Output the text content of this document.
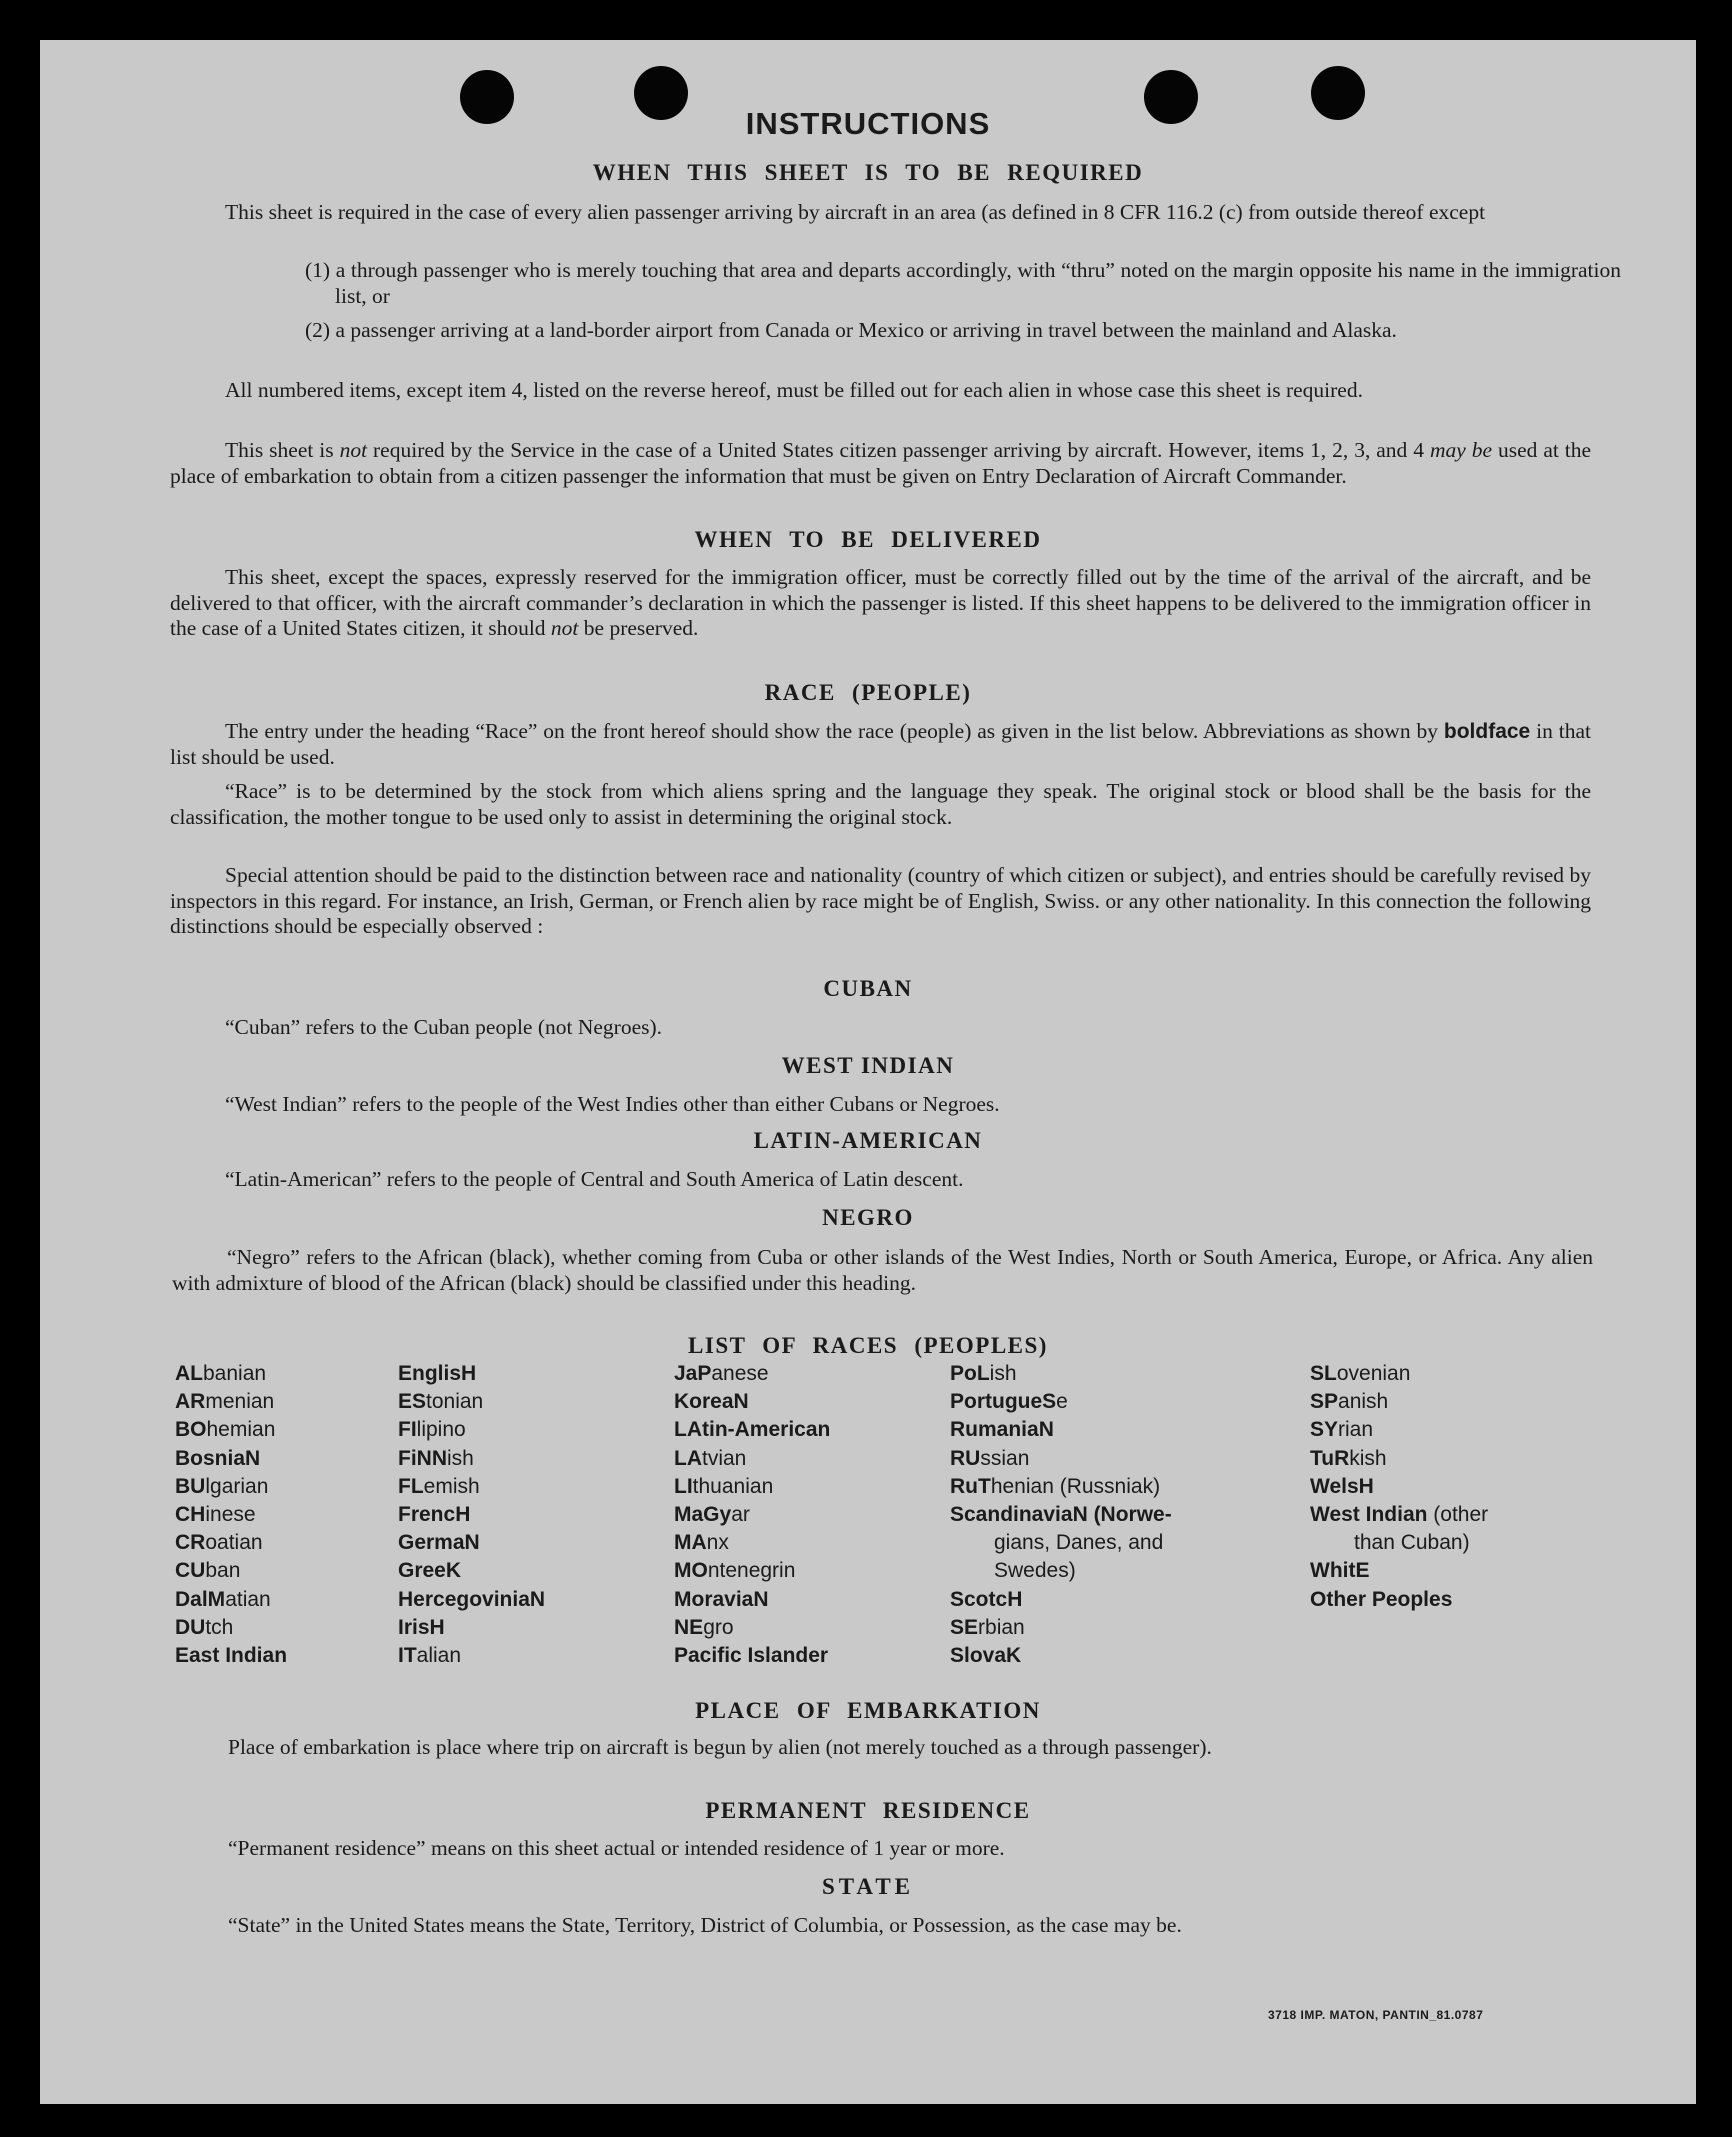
INSTRUCTIONS
WHEN THIS SHEET IS TO BE REQUIRED
This sheet is required in the case of every alien passenger arriving by aircraft in an area (as defined in 8 CFR 116.2 (c) from outside thereof except
(1) a through passenger who is merely touching that area and departs accordingly, with “thru” noted on the margin opposite his name in the immigration list, or
(2) a passenger arriving at a land-border airport from Canada or Mexico or arriving in travel between the mainland and Alaska.
All numbered items, except item 4, listed on the reverse hereof, must be filled out for each alien in whose case this sheet is required.
This sheet is not required by the Service in the case of a United States citizen passenger arriving by aircraft. However, items 1, 2, 3, and 4 may be used at the place of embarkation to obtain from a citizen passenger the information that must be given on Entry Declaration of Aircraft Commander.
WHEN TO BE DELIVERED
This sheet, except the spaces, expressly reserved for the immigration officer, must be correctly filled out by the time of the arrival of the aircraft, and be delivered to that officer, with the aircraft commander’s declaration in which the passenger is listed. If this sheet happens to be delivered to the immigration officer in the case of a United States citizen, it should not be preserved.
RACE (PEOPLE)
The entry under the heading “Race” on the front hereof should show the race (people) as given in the list below. Abbreviations as shown by boldface in that list should be used.
“Race” is to be determined by the stock from which aliens spring and the language they speak. The original stock or blood shall be the basis for the classification, the mother tongue to be used only to assist in determining the original stock.
Special attention should be paid to the distinction between race and nationality (country of which citizen or subject), and entries should be carefully revised by inspectors in this regard. For instance, an Irish, German, or French alien by race might be of English, Swiss. or any other nationality. In this connection the following distinctions should be especially observed :
CUBAN
“Cuban” refers to the Cuban people (not Negroes).
WEST INDIAN
“West Indian” refers to the people of the West Indies other than either Cubans or Negroes.
LATIN-AMERICAN
“Latin-American” refers to the people of Central and South America of Latin descent.
NEGRO
“Negro” refers to the African (black), whether coming from Cuba or other islands of the West Indies, North or South America, Europe, or Africa. Any alien with admixture of blood of the African (black) should be classified under this heading.
LIST OF RACES (PEOPLES)
ALbanian
ARmenian
BOhemian
BosniaN
BUlgarian
CHinese
CRoatian
CUban
DalMatian
DUtch
East Indian
EnglisH
EStonian
FIlipino
FiNNish
FLemish
FrencH
GermaN
GreeK
HercegoviniaN
IrisH
ITalian
JaPanese
KoreaN
LAtin-American
LAtvian
LIthuanian
MaGyar
MAnx
MOntenegrin
MoraviaN
NEgro
Pacific Islander
PoLish
PortugueSe
RumaniaN
RUssian
RuThenian (Russniak)
ScandinaviaN (Norwe-
gians, Danes, and
Swedes)
ScotcH
SErbian
SlovaK
SLovenian
SPanish
SYrian
TuRkish
WelsH
West Indian (other
than Cuban)
WhitE
Other Peoples
PLACE OF EMBARKATION
Place of embarkation is place where trip on aircraft is begun by alien (not merely touched as a through passenger).
PERMANENT RESIDENCE
“Permanent residence” means on this sheet actual or intended residence of 1 year or more.
STATE
“State” in the United States means the State, Territory, District of Columbia, or Possession, as the case may be.
3718 IMP. MATON, PANTIN_81.0787
